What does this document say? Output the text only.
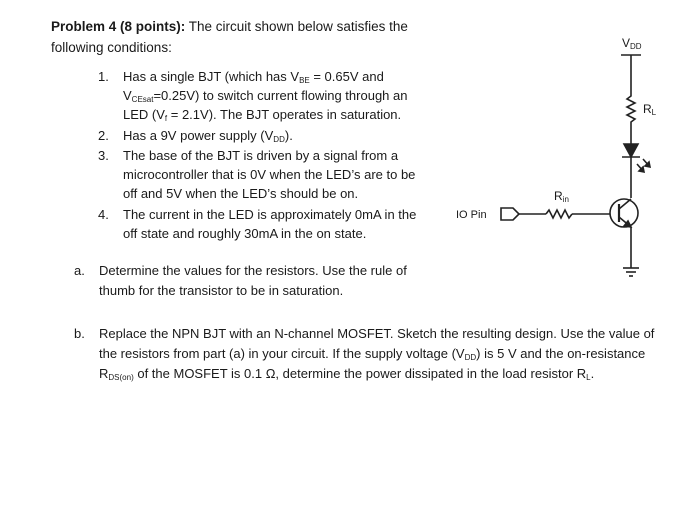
Problem 4 (8 points): The circuit shown below satisfies the
following conditions:
1.	Has a single BJT (which has $V_{BE} = 0.65V$ and
$V_{CEsat}=0.25V$) to switch current flowing through an
LED $(V_f = 2.1V)$. The BJT operates in saturation.
2.	Has a 9V power supply $(V_{DD})$.
3.	The base of the BJT is driven by a signal from a
microcontroller that is 0V when the LED’s are to be
off and 5V when the LED’s should be on.
4.	The current in the LED is approximately 0mA in the
off state and roughly 30mA in the on state.
a. Determine the values for the resistors. Use the rule of
thumb for the transistor to be in saturation.
b. Replace the NPN BJT with an N-channel MOSFET. Sketch the resulting design. Use the value of
the resistors from part (a) in your circuit. If the supply voltage $(V_{DD})$ is 5 V and the on-resistance
$R_{DS(on)}$ of the MOSFET is 0.1 Ω, determine the power dissipated in the load resistor $R_L$.
VDD
RL
Rin
IO Pin
